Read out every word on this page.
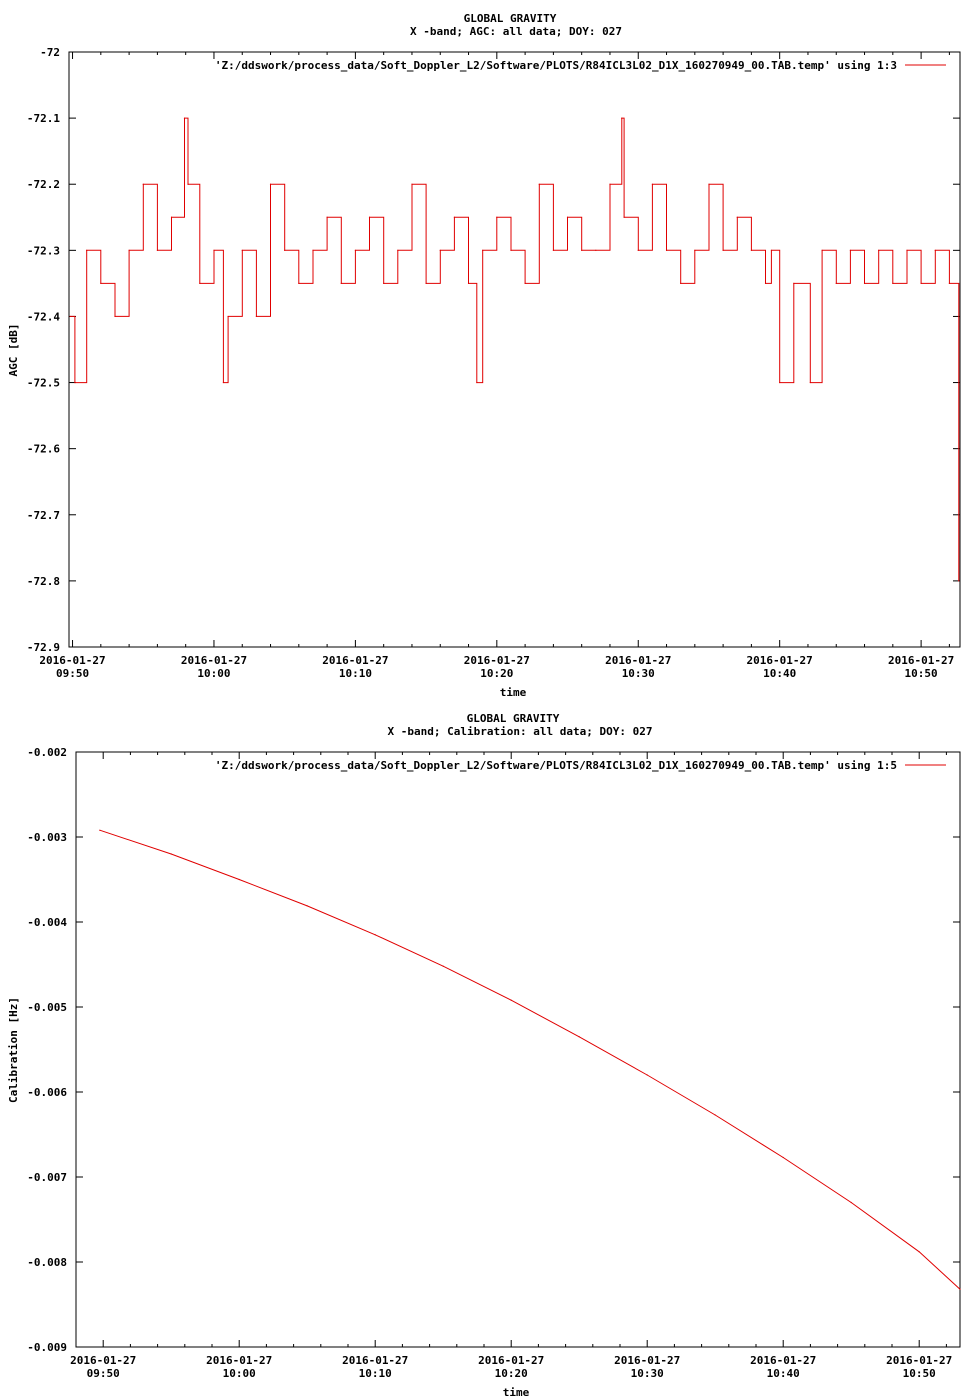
GLOBAL GRAVITY
X -band; AGC: all data; DOY: 027
AGC [dB]
time
'Z:/ddswork/process_data/Soft_Doppler_L2/Software/PLOTS/R84ICL3L02_D1X_160270949_00.TAB.temp' using 1:3
-72
-72.1
-72.2
-72.3
-72.4
-72.5
-72.6
-72.7
-72.8
-72.9
2016-01-27
09:50
2016-01-27
10:00
2016-01-27
10:10
2016-01-27
10:20
2016-01-27
10:30
2016-01-27
10:40
2016-01-27
10:50
GLOBAL GRAVITY
X -band; Calibration: all data; DOY: 027
Calibration [Hz]
time
'Z:/ddswork/process_data/Soft_Doppler_L2/Software/PLOTS/R84ICL3L02_D1X_160270949_00.TAB.temp' using 1:5
-0.002
-0.003
-0.004
-0.005
-0.006
-0.007
-0.008
-0.009
2016-01-27
09:50
2016-01-27
10:00
2016-01-27
10:10
2016-01-27
10:20
2016-01-27
10:30
2016-01-27
10:40
2016-01-27
10:50
